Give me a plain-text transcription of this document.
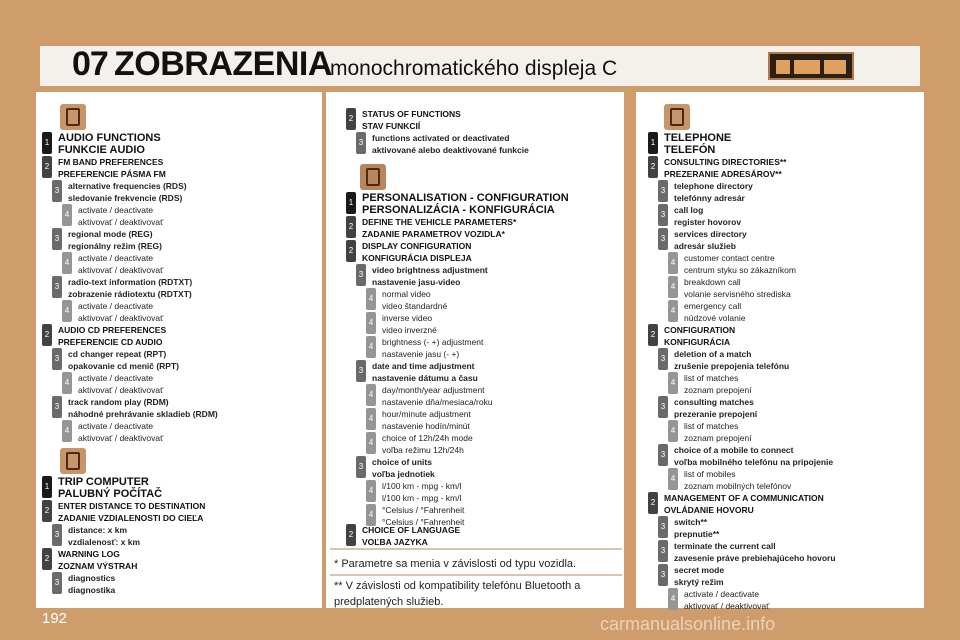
07 ZOBRAZENIA
monochromatického displeja C
1 AUDIO FUNCTIONS
FUNKCIE AUDIO
2	FM BAND PREFERENCES
PREFERENCIE PÁSMA FM
3	alternative frequencies (RDS)
sledovanie frekvencie (RDS)
4	activate / deactivate
aktivovať / deaktivovať
3	regional mode (REG)
regionálny režim (REG)
4	activate / deactivate
aktivovať / deaktivovať
3	radio-text information (RDTXT)
zobrazenie rádiotextu (RDTXT)
4	activate / deactivate
aktivovať / deaktivovať
2	AUDIO CD PREFERENCES
PREFERENCIE CD AUDIO
3	cd changer repeat (RPT)
opakovanie cd menič (RPT)
4	activate / deactivate
aktivovať / deaktivovať
3	track random play (RDM)
náhodné prehrávanie skladieb (RDM)
4	activate / deactivate
aktivovať / deaktivovať
1 TRIP COMPUTER
PALUBNÝ POČÍTAČ
2	ENTER DISTANCE TO DESTINATION
ZADANIE VZDIALENOSTI DO CIEĽA
3	distance: x km
vzdialenosť: x km
2	WARNING LOG
ZOZNAM VÝSTRAH
3	diagnostics
diagnostika
2	STATUS OF FUNCTIONS
STAV FUNKCIÍ
3	functions activated or deactivated
aktivované alebo deaktivované funkcie
1 PERSONALISATION - CONFIGURATION
PERSONALIZÁCIA - KONFIGURÁCIA
2	DEFINE THE VEHICLE PARAMETERS*
ZADANIE PARAMETROV VOZIDLA*
2	DISPLAY CONFIGURATION
KONFIGURÁCIA DISPLEJA
3	video brightness adjustment
nastavenie jasu-video
4	normal video
video štandardné
4	inverse video
video inverzné
4	brightness (- +) adjustment
nastavenie jasu (- +)
3	date and time adjustment
nastavenie dátumu a času
4	day/month/year adjustment
nastavenie dňa/mesiaca/roku
4	hour/minute adjustment
nastavenie hodín/minút
4	choice of 12h/24h mode
voľba režimu 12h/24h
3	choice of units
voľba jednotiek
4	l/100 km - mpg - km/l
l/100 km - mpg - km/l
4	°Celsius / °Fahrenheit
°Celsius / °Fahrenheit
2	CHOICE OF LANGUAGE
VOĽBA JAZYKA
1 TELEPHONE
TELEFÓN
2	CONSULTING DIRECTORIES**
PREZERANIE ADRESÁROV**
3	telephone directory
telefónny adresár
3	call log
register hovorov
3	services directory
adresár služieb
4	customer contact centre
centrum styku so zákazníkom
4	breakdown call
volanie servisného strediska
4	emergency call
núdzové volanie
2	CONFIGURATION
KONFIGURÁCIA
3	deletion of a match
zrušenie prepojenia telefónu
4	list of matches
zoznam prepojení
3	consulting matches
prezeranie prepojení
4	list of matches
zoznam prepojení
3	choice of a mobile to connect
voľba mobilného telefónu na pripojenie
4	list of mobiles
zoznam mobilných telefónov
2	MANAGEMENT OF A COMMUNICATION
OVLÁDANIE HOVORU
3	switch**
prepnutie**
3	terminate the current call
zavesenie práve prebiehajúceho hovoru
3	secret mode
skrytý režim
4	activate / deactivate
aktivovať / deaktivovať
* Parametre sa menia v závislosti od typu vozidla.
** V závislosti od kompatibility telefónu Bluetooth a predplatených služieb.
192	carmanualsonline.info
